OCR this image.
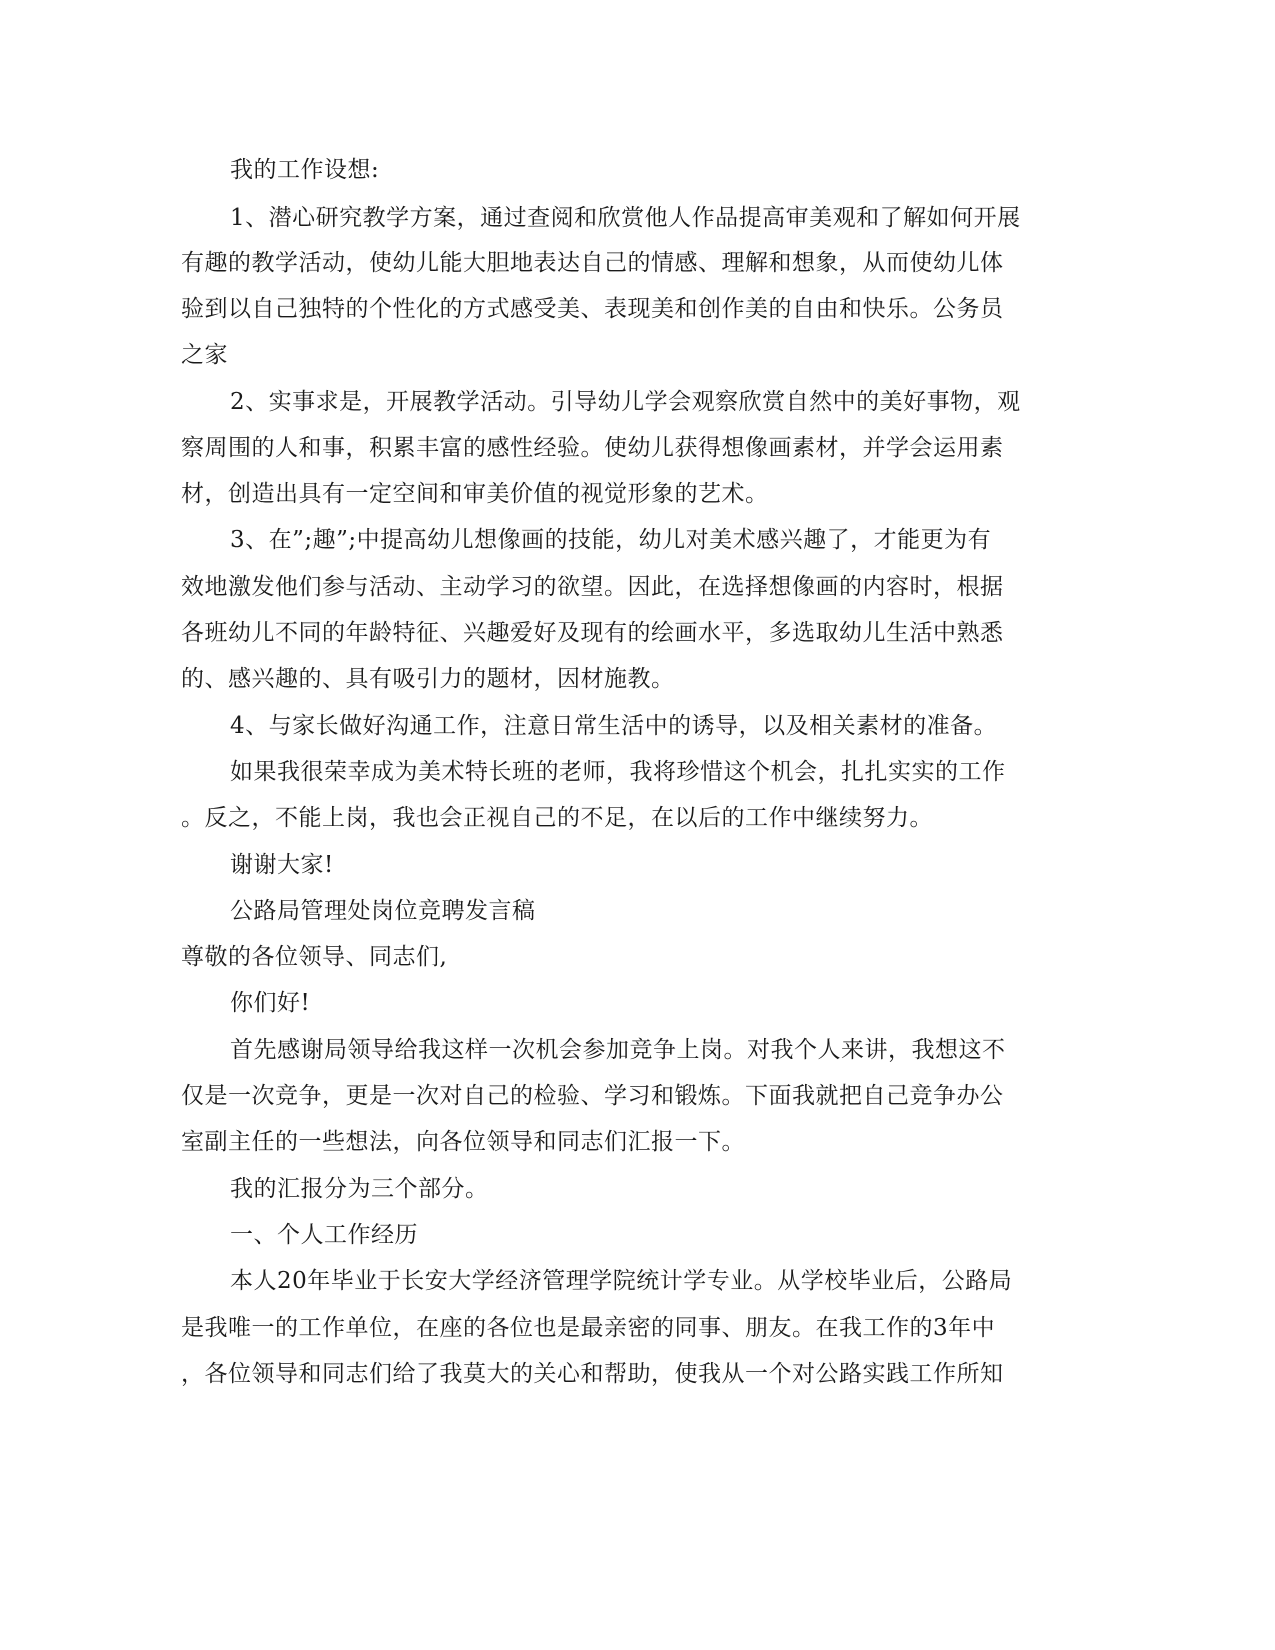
我的工作设想:
1、潜心研究教学方案，通过查阅和欣赏他人作品提高审美观和了解如何开展
有趣的教学活动，使幼儿能大胆地表达自己的情感、理解和想象，从而使幼儿体
验到以自己独特的个性化的方式感受美、表现美和创作美的自由和快乐。公务员
之家
2、实事求是，开展教学活动。引导幼儿学会观察欣赏自然中的美好事物，观
察周围的人和事，积累丰富的感性经验。使幼儿获得想像画素材，并学会运用素
材，创造出具有一定空间和审美价值的视觉形象的艺术。
3、在”;趣”;中提高幼儿想像画的技能，幼儿对美术感兴趣了，才能更为有
效地激发他们参与活动、主动学习的欲望。因此，在选择想像画的内容时，根据
各班幼儿不同的年龄特征、兴趣爱好及现有的绘画水平，多选取幼儿生活中熟悉
的、感兴趣的、具有吸引力的题材，因材施教。
4、与家长做好沟通工作，注意日常生活中的诱导，以及相关素材的准备。
如果我很荣幸成为美术特长班的老师，我将珍惜这个机会，扎扎实实的工作
。反之，不能上岗，我也会正视自己的不足，在以后的工作中继续努力。
谢谢大家!
公路局管理处岗位竞聘发言稿
尊敬的各位领导、同志们,
你们好!
首先感谢局领导给我这样一次机会参加竞争上岗。对我个人来讲，我想这不
仅是一次竞争，更是一次对自己的检验、学习和锻炼。下面我就把自己竞争办公
室副主任的一些想法，向各位领导和同志们汇报一下。
我的汇报分为三个部分。
一、个人工作经历
本人20年毕业于长安大学经济管理学院统计学专业。从学校毕业后，公路局
是我唯一的工作单位，在座的各位也是最亲密的同事、朋友。在我工作的3年中
，各位领导和同志们给了我莫大的关心和帮助，使我从一个对公路实践工作所知
